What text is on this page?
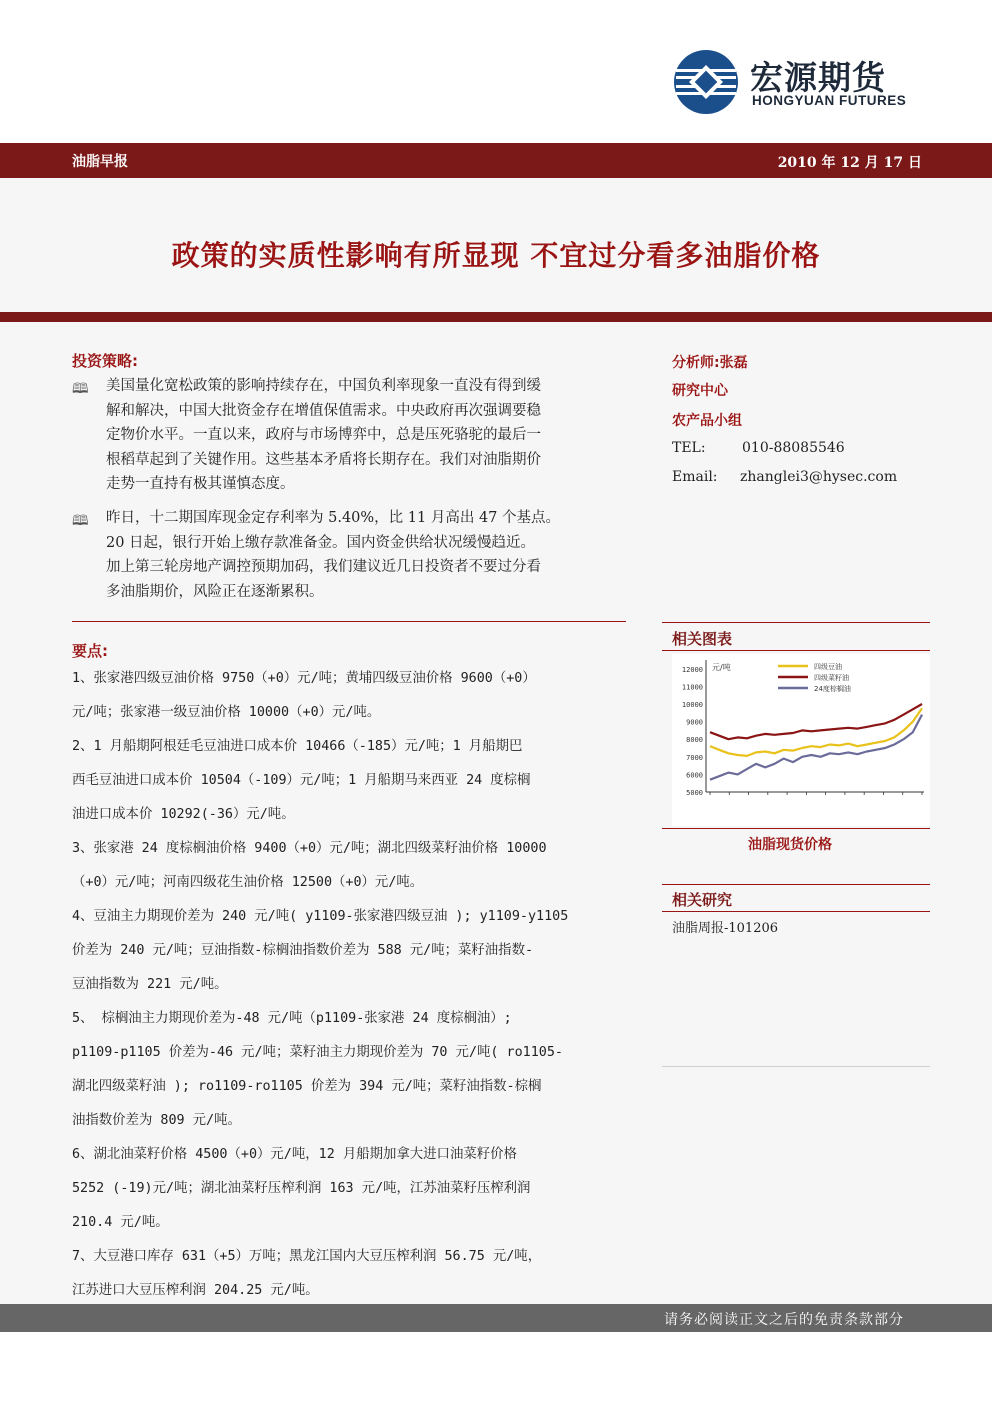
宏源期货
HONGYUAN FUTURES
油脂早报	2010 年 12 月 17 日
政策的实质性影响有所显现 不宜过分看多油脂价格
投资策略:
🕮︎ 美国量化宽松政策的影响持续存在，中国负利率现象一直没有得到缓
解和解决，中国大批资金存在增值保值需求。中央政府再次强调要稳
定物价水平。一直以来，政府与市场博弈中，总是压死骆驼的最后一
根稻草起到了关键作用。这些基本矛盾将长期存在。我们对油脂期价
走势一直持有极其谨慎态度。
🕮︎ 昨日，十二期国库现金定存利率为 5.40%，比 11 月高出 47 个基点。
20 日起，银行开始上缴存款准备金。国内资金供给状况缓慢趋近。
加上第三轮房地产调控预期加码，我们建议近几日投资者不要过分看
多油脂期价，风险正在逐渐累积。
要点:
1、张家港四级豆油价格 9750（+0）元/吨；黄埔四级豆油价格 9600（+0）
元/吨；张家港一级豆油价格 10000（+0）元/吨。
2、1 月船期阿根廷毛豆油进口成本价 10466（-185）元/吨；1 月船期巴
西毛豆油进口成本价 10504（-109）元/吨；1 月船期马来西亚 24 度棕榈
油进口成本价 10292(-36）元/吨。
3、张家港 24 度棕榈油价格 9400（+0）元/吨；湖北四级菜籽油价格 10000
（+0）元/吨；河南四级花生油价格 12500（+0）元/吨。
4、豆油主力期现价差为 240 元/吨( y1109-张家港四级豆油 ); y1109-y1105
价差为 240 元/吨；豆油指数-棕榈油指数价差为 588 元/吨；菜籽油指数-
豆油指数为 221 元/吨。
5、 棕榈油主力期现价差为-48 元/吨（p1109-张家港 24 度棕榈油）;
p1109-p1105 价差为-46 元/吨；菜籽油主力期现价差为 70 元/吨( ro1105-
湖北四级菜籽油 ); ro1109-ro1105 价差为 394 元/吨；菜籽油指数-棕榈
油指数价差为 809 元/吨。
6、湖北油菜籽价格 4500（+0）元/吨，12 月船期加拿大进口油菜籽价格
5252 (-19)元/吨；湖北油菜籽压榨利润 163 元/吨，江苏油菜籽压榨利润
210.4 元/吨。
7、大豆港口库存 631（+5）万吨；黑龙江国内大豆压榨利润 56.75 元/吨，
江苏进口大豆压榨利润 204.25 元/吨。
分析师:张磊
研究中心
农产品小组
TEL:	010-88085546
Email: zhanglei3@hysec.com
相关图表
12000
11000
10000
9000
8000
7000
6000
5000
元/吨	四级豆油
四级菜籽油
24度棕榈油
油脂现货价格
相关研究
油脂周报-101206
请务必阅读正文之后的免责条款部分
